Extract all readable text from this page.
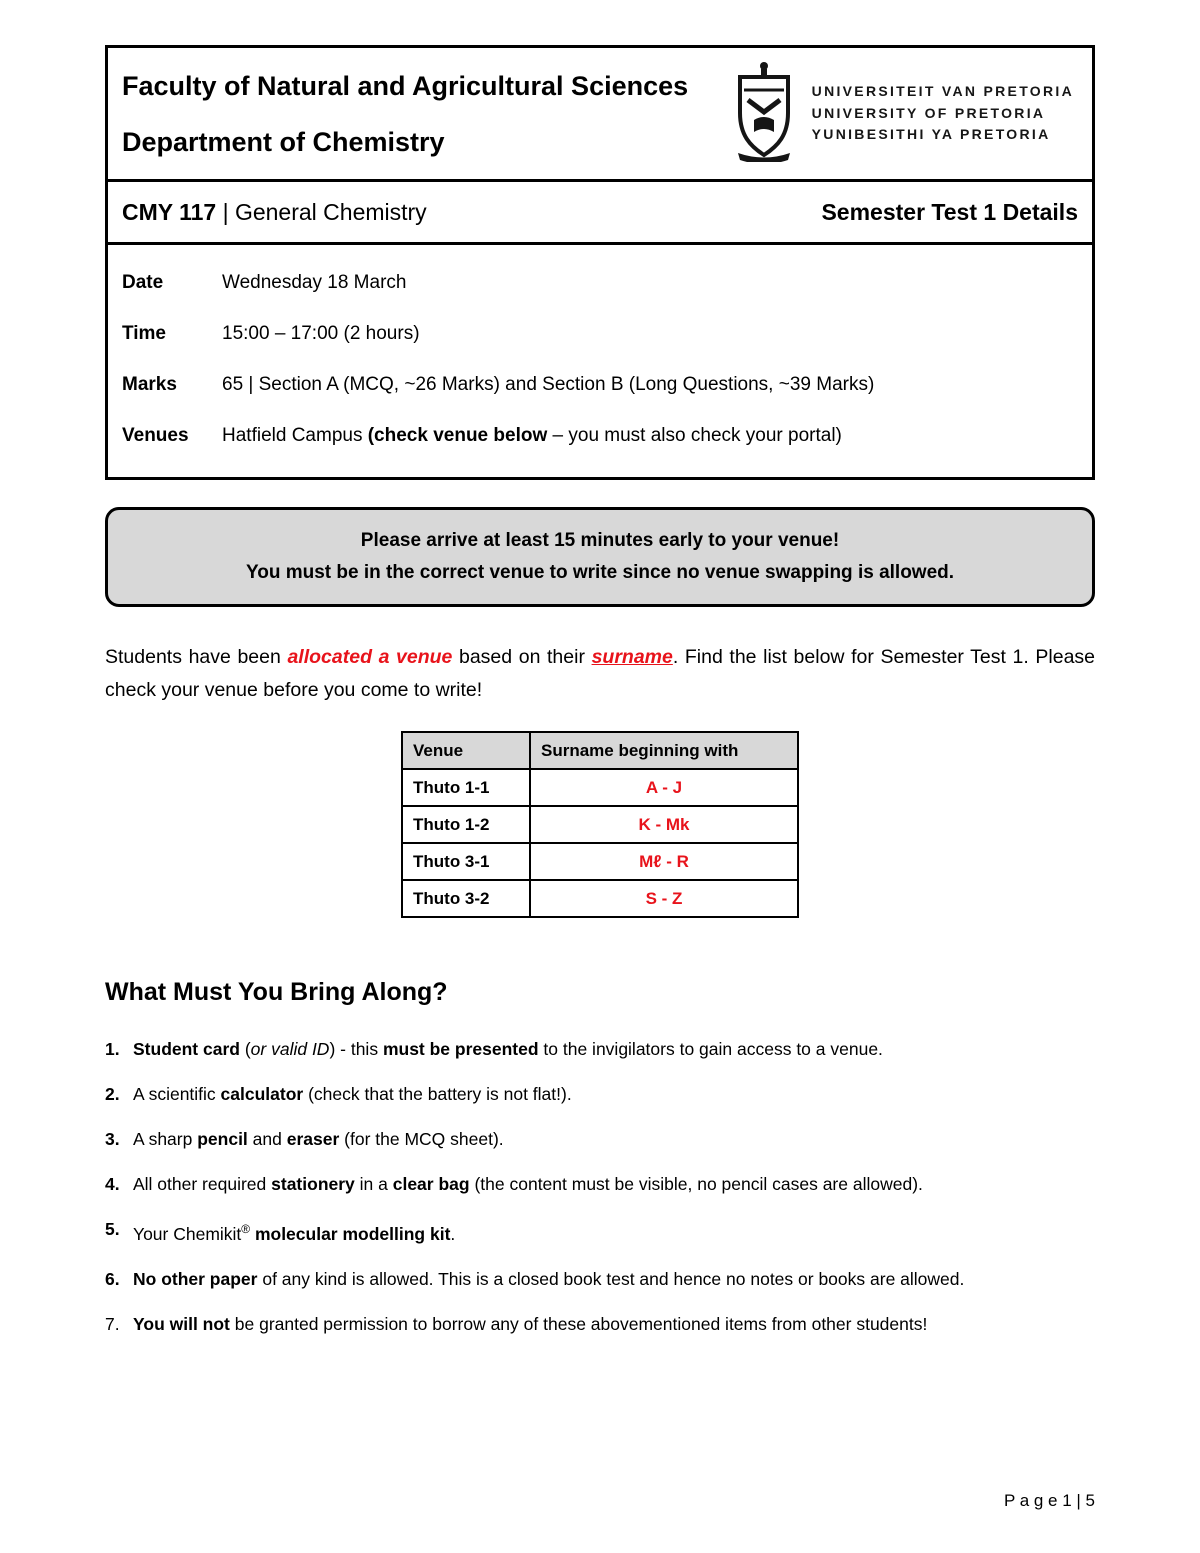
Faculty of Natural and Agricultural Sciences
Department of Chemistry
UNIVERSITEIT VAN PRETORIA
UNIVERSITY OF PRETORIA
YUNIBESITHI YA PRETORIA
CMY 117 | General Chemistry	Semester Test 1 Details
Date	Wednesday 18 March
Time	15:00 – 17:00 (2 hours)
Marks	65 | Section A (MCQ, ~26 Marks) and Section B (Long Questions, ~39 Marks)
Venues	Hatfield Campus (check venue below – you must also check your portal)
Please arrive at least 15 minutes early to your venue!
You must be in the correct venue to write since no venue swapping is allowed.

Students have been allocated a venue based on their surname. Find the list below for Semester Test 1. Please check your venue before you come to write!

Venue	Surname beginning with
Thuto 1-1	A - J
Thuto 1-2	K - Mk
Thuto 3-1	Mℓ - R
Thuto 3-2	S - Z
What Must You Bring Along?
1. Student card (or valid ID) - this must be presented to the invigilators to gain access to a venue.
2. A scientific calculator (check that the battery is not flat!).
3. A sharp pencil and eraser (for the MCQ sheet).
4. All other required stationery in a clear bag (the content must be visible, no pencil cases are allowed).
5. Your Chemikit® molecular modelling kit.
6. No other paper of any kind is allowed. This is a closed book test and hence no notes or books are allowed.
7. You will not be granted permission to borrow any of these abovementioned items from other students!
P a g e 1 | 5
